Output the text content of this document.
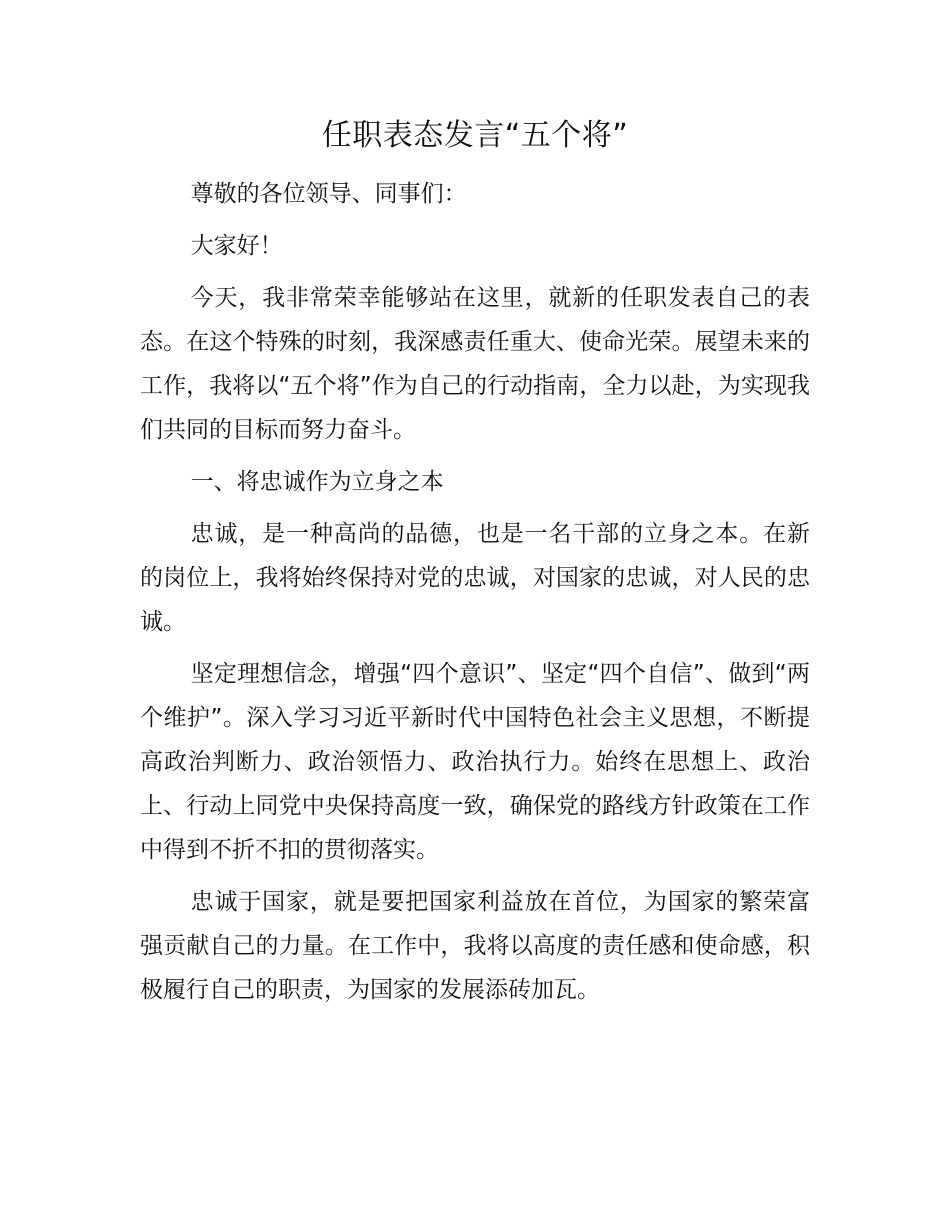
任职表态发言“五个将”

尊敬的各位领导、同事们：

大家好！

今天，我非常荣幸能够站在这里，就新的任职发表自己的表态。在这个特殊的时刻，我深感责任重大、使命光荣。展望未来的工作，我将以“五个将”作为自己的行动指南，全力以赴，为实现我们共同的目标而努力奋斗。

一、将忠诚作为立身之本

忠诚，是一种高尚的品德，也是一名干部的立身之本。在新的岗位上，我将始终保持对党的忠诚，对国家的忠诚，对人民的忠诚。

坚定理想信念，增强“四个意识”、坚定“四个自信”、做到“两个维护”。深入学习习近平新时代中国特色社会主义思想，不断提高政治判断力、政治领悟力、政治执行力。始终在思想上、政治上、行动上同党中央保持高度一致，确保党的路线方针政策在工作中得到不折不扣的贯彻落实。

忠诚于国家，就是要把国家利益放在首位，为国家的繁荣富强贡献自己的力量。在工作中，我将以高度的责任感和使命感，积极履行自己的职责，为国家的发展添砖加瓦。
